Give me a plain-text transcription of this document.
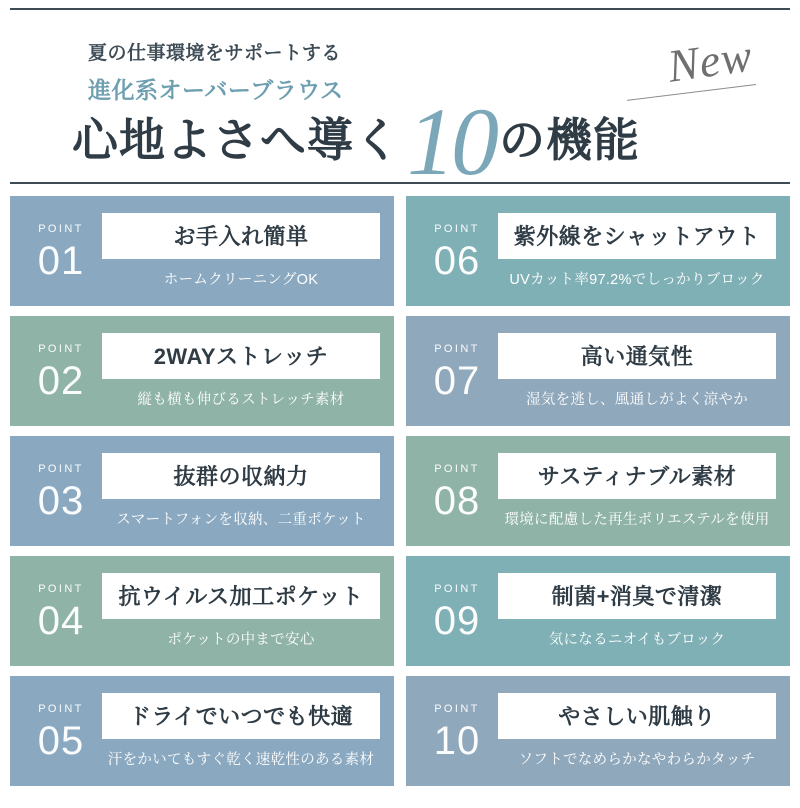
夏の仕事環境をサポートする
進化系オーバーブラウス
心地よさへ導く10の機能
New
POINT
01
お手入れ簡単
ホームクリーニングOK
POINT
06
紫外線をシャットアウト
UVカット率97.2%でしっかりブロック
POINT
02
2WAYストレッチ
縦も横も伸びるストレッチ素材
POINT
07
高い通気性
湿気を逃し、風通しがよく涼やか
POINT
03
抜群の収納力
スマートフォンを収納、二重ポケット
POINT
08
サスティナブル素材
環境に配慮した再生ポリエステルを使用
POINT
04
抗ウイルス加工ポケット
ポケットの中まで安心
POINT
09
制菌+消臭で清潔
気になるニオイもブロック
POINT
05
ドライでいつでも快適
汗をかいてもすぐ乾く速乾性のある素材
POINT
10
やさしい肌触り
ソフトでなめらかなやわらかタッチ
